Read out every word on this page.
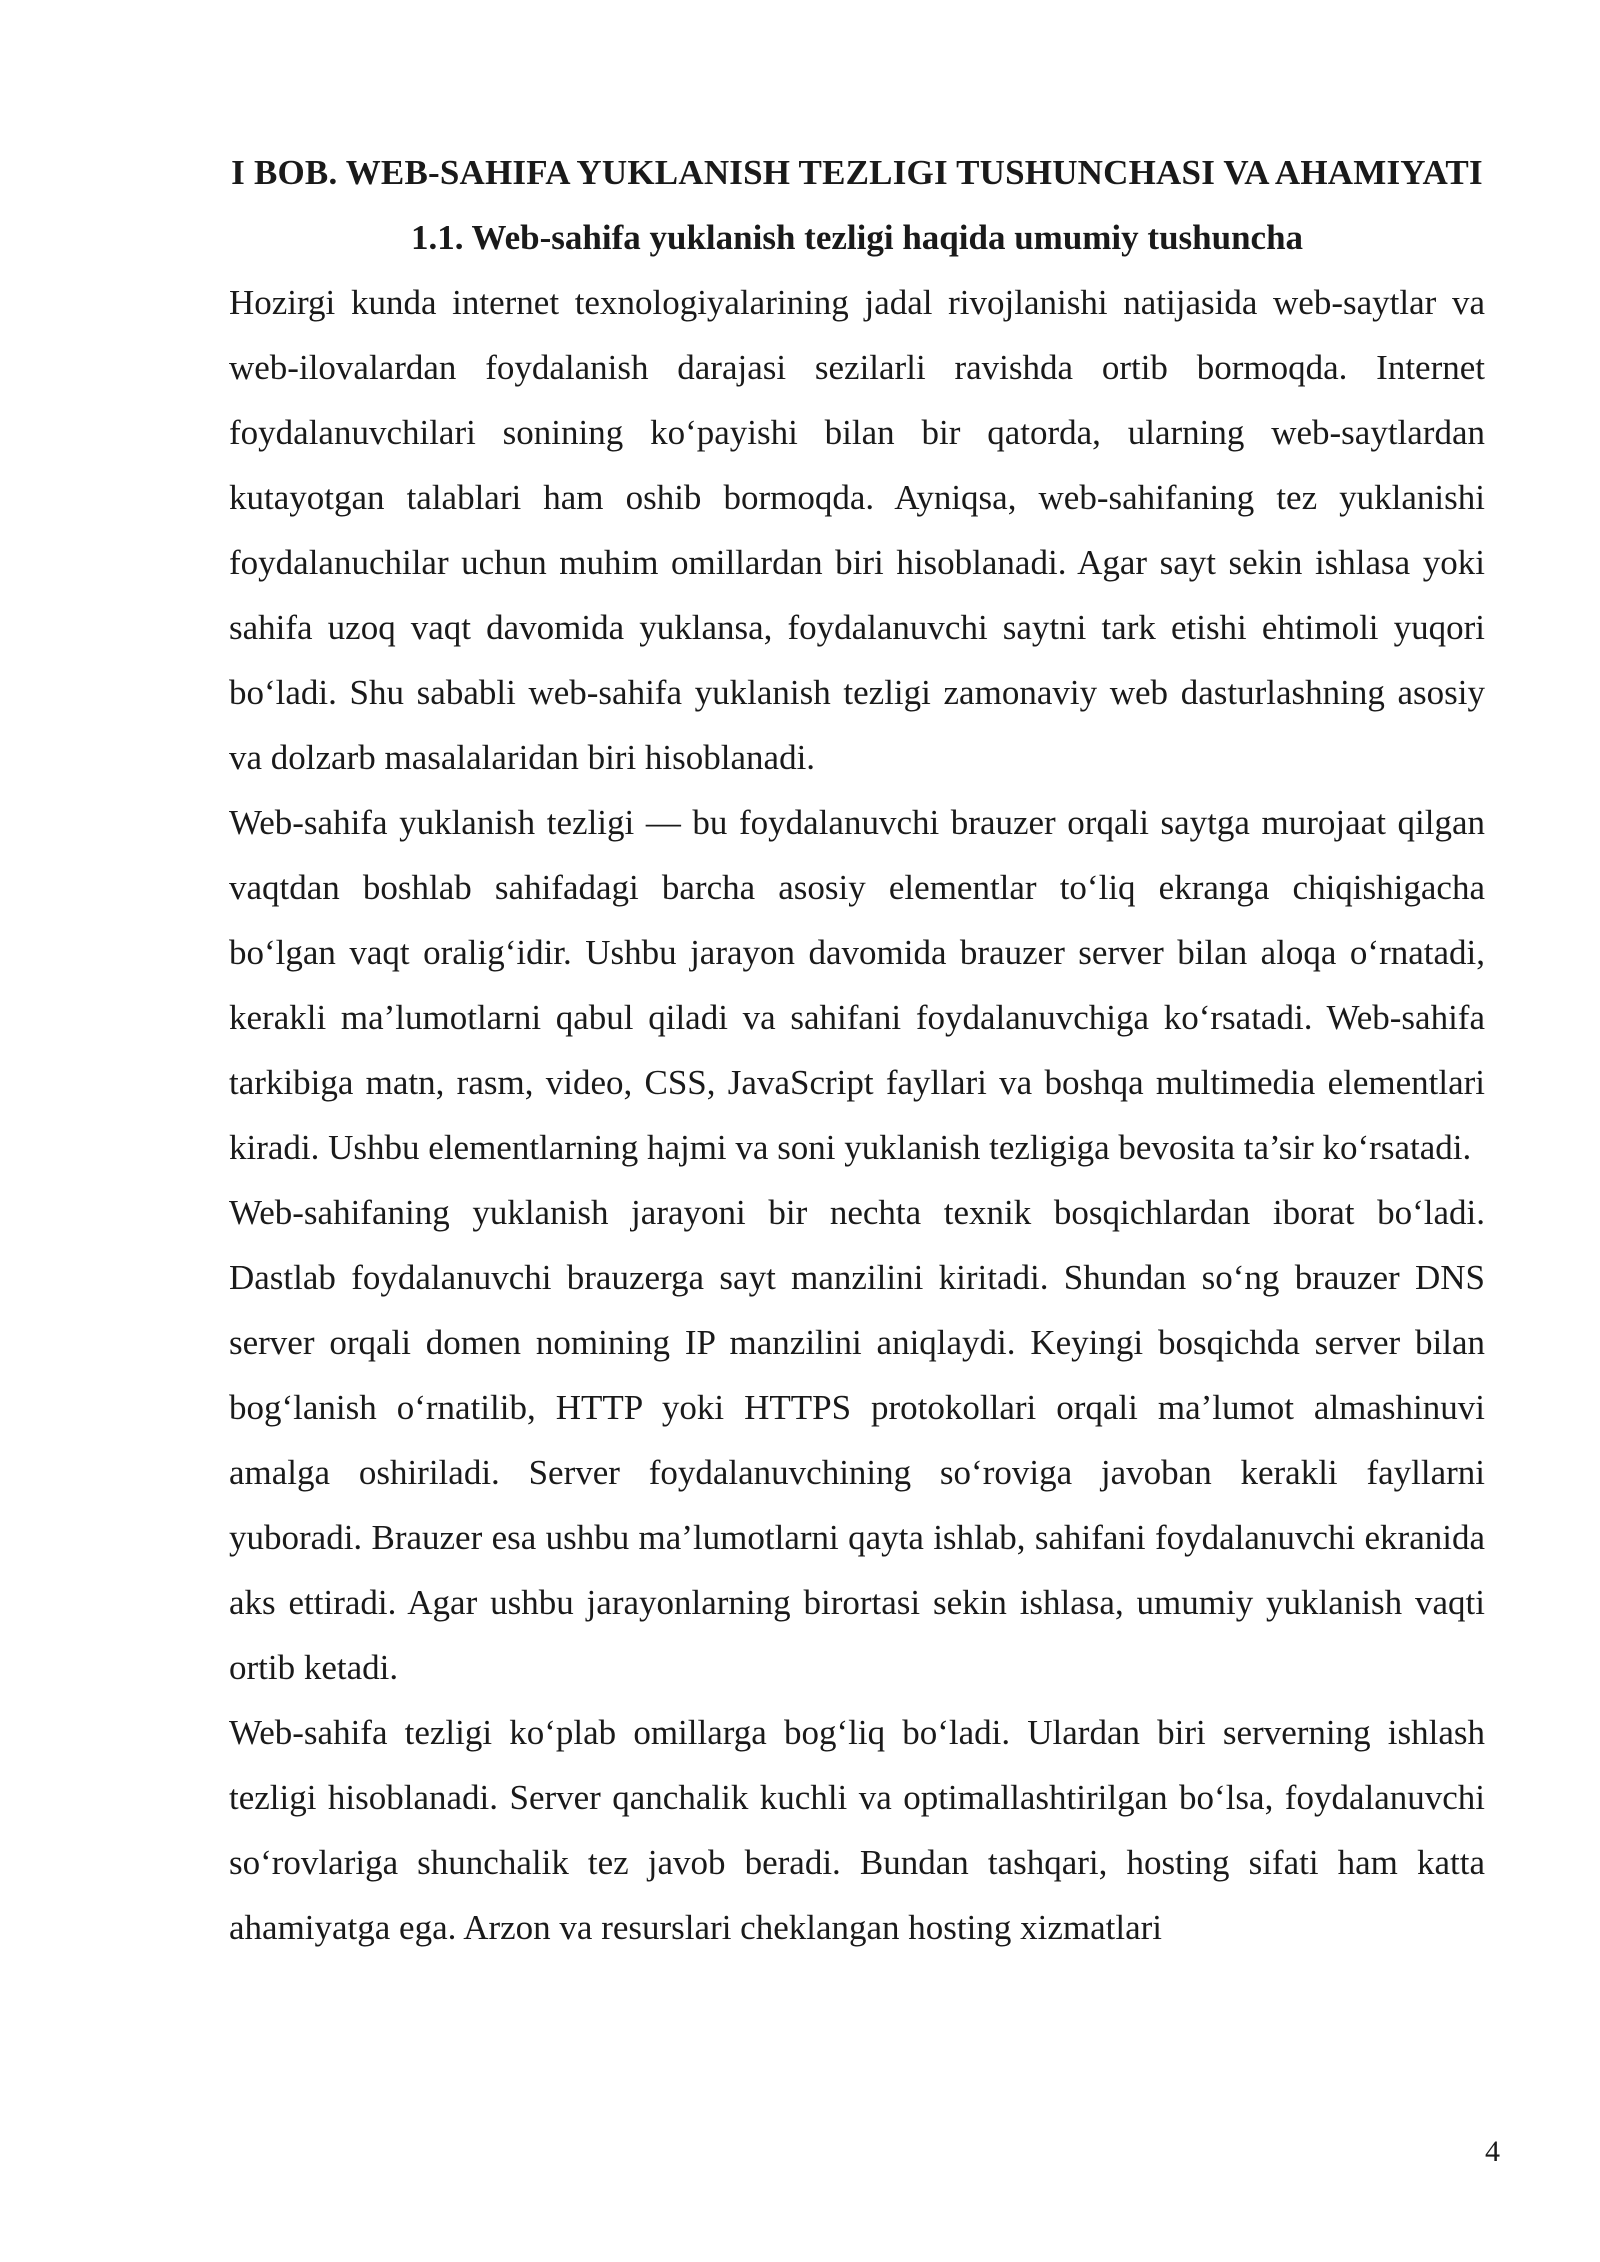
I BOB. WEB-SAHIFA YUKLANISH TEZLIGI TUSHUNCHASI VA AHAMIYATI
1.1. Web-sahifa yuklanish tezligi haqida umumiy tushuncha

Hozirgi kunda internet texnologiyalarining jadal rivojlanishi natijasida web-saytlar va web-ilovalardan foydalanish darajasi sezilarli ravishda ortib bormoqda. Internet foydalanuvchilari sonining ko‘payishi bilan bir qatorda, ularning web-saytlardan kutayotgan talablari ham oshib bormoqda. Ayniqsa, web-sahifaning tez yuklanishi foydalanuchilar uchun muhim omillardan biri hisoblanadi. Agar sayt sekin ishlasa yoki sahifa uzoq vaqt davomida yuklansa, foydalanuvchi saytni tark etishi ehtimoli yuqori bo‘ladi. Shu sababli web-sahifa yuklanish tezligi zamonaviy web dasturlashning asosiy va dolzarb masalalaridan biri hisoblanadi.

Web-sahifa yuklanish tezligi — bu foydalanuvchi brauzer orqali saytga murojaat qilgan vaqtdan boshlab sahifadagi barcha asosiy elementlar to‘liq ekranga chiqishigacha bo‘lgan vaqt oralig‘idir. Ushbu jarayon davomida brauzer server bilan aloqa o‘rnatadi, kerakli ma’lumotlarni qabul qiladi va sahifani foydalanuvchiga ko‘rsatadi. Web-sahifa tarkibiga matn, rasm, video, CSS, JavaScript fayllari va boshqa multimedia elementlari kiradi. Ushbu elementlarning hajmi va soni yuklanish tezligiga bevosita ta’sir ko‘rsatadi.

Web-sahifaning yuklanish jarayoni bir nechta texnik bosqichlardan iborat bo‘ladi. Dastlab foydalanuvchi brauzerga sayt manzilini kiritadi. Shundan so‘ng brauzer DNS server orqali domen nomining IP manzilini aniqlaydi. Keyingi bosqichda server bilan bog‘lanish o‘rnatilib, HTTP yoki HTTPS protokollari orqali ma’lumot almashinuvi amalga oshiriladi. Server foydalanuvchining so‘roviga javoban kerakli fayllarni yuboradi. Brauzer esa ushbu ma’lumotlarni qayta ishlab, sahifani foydalanuvchi ekranida aks ettiradi. Agar ushbu jarayonlarning birortasi sekin ishlasa, umumiy yuklanish vaqti ortib ketadi.

Web-sahifa tezligi ko‘plab omillarga bog‘liq bo‘ladi. Ulardan biri serverning ishlash tezligi hisoblanadi. Server qanchalik kuchli va optimallashtirilgan bo‘lsa, foydalanuvchi so‘rovlariga shunchalik tez javob beradi. Bundan tashqari, hosting sifati ham katta ahamiyatga ega. Arzon va resurslari cheklangan hosting xizmatlari

4
